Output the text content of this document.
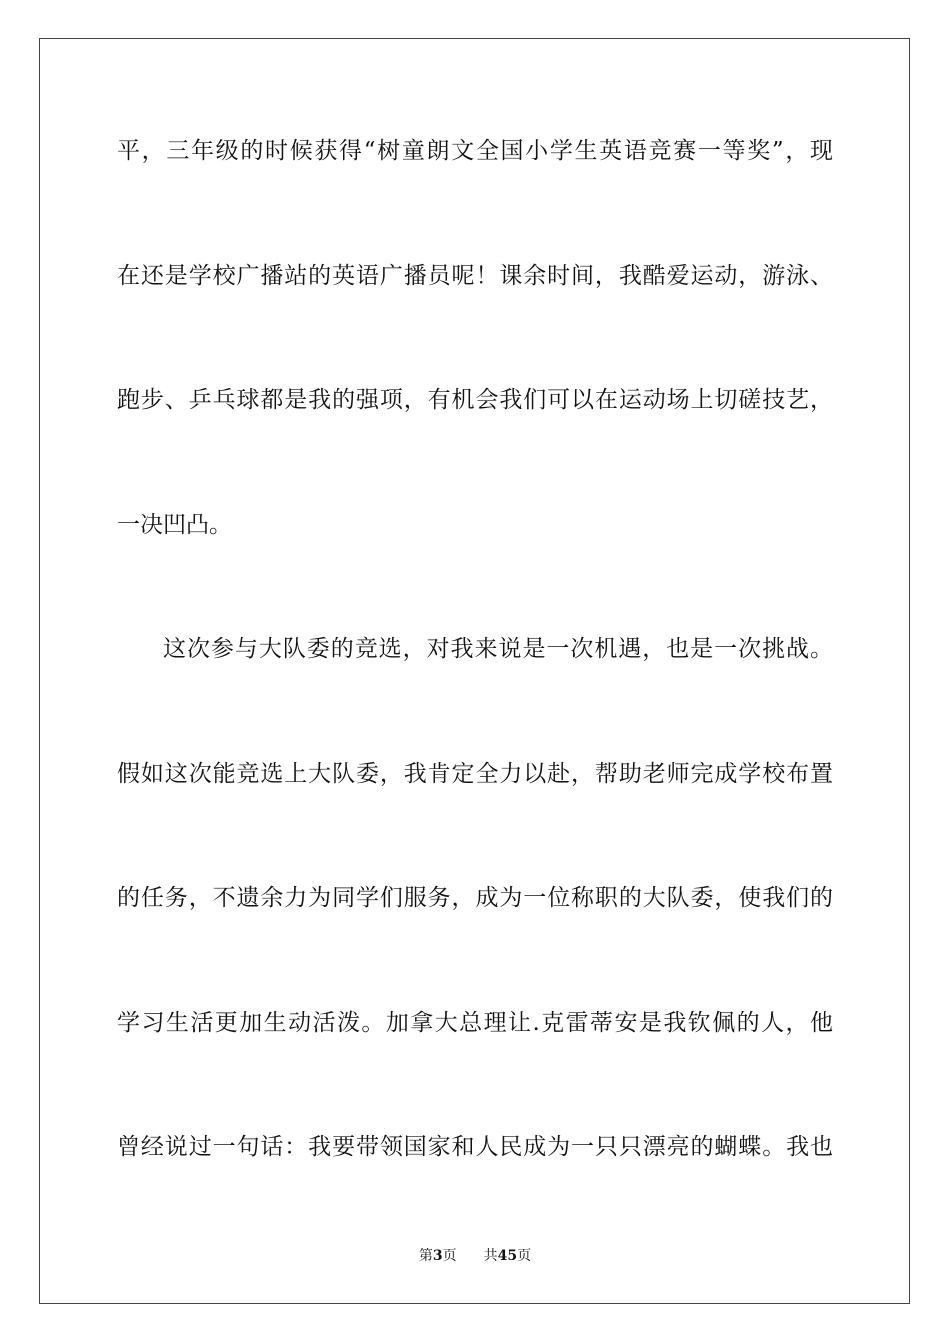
平，三年级的时候获得“树童朗文全国小学生英语竞赛一等奖”，现
在还是学校广播站的英语广播员呢！课余时间，我酷爱运动，游泳、
跑步、乒乓球都是我的强项，有机会我们可以在运动场上切磋技艺，
一决凹凸。
这次参与大队委的竞选，对我来说是一次机遇，也是一次挑战。
假如这次能竞选上大队委，我肯定全力以赴，帮助老师完成学校布置
的任务，不遗余力为同学们服务，成为一位称职的大队委，使我们的
学习生活更加生动活泼。加拿大总理让.克雷蒂安是我钦佩的人，他
曾经说过一句话：我要带领国家和人民成为一只只漂亮的蝴蝶。我也
第3页 共45页
